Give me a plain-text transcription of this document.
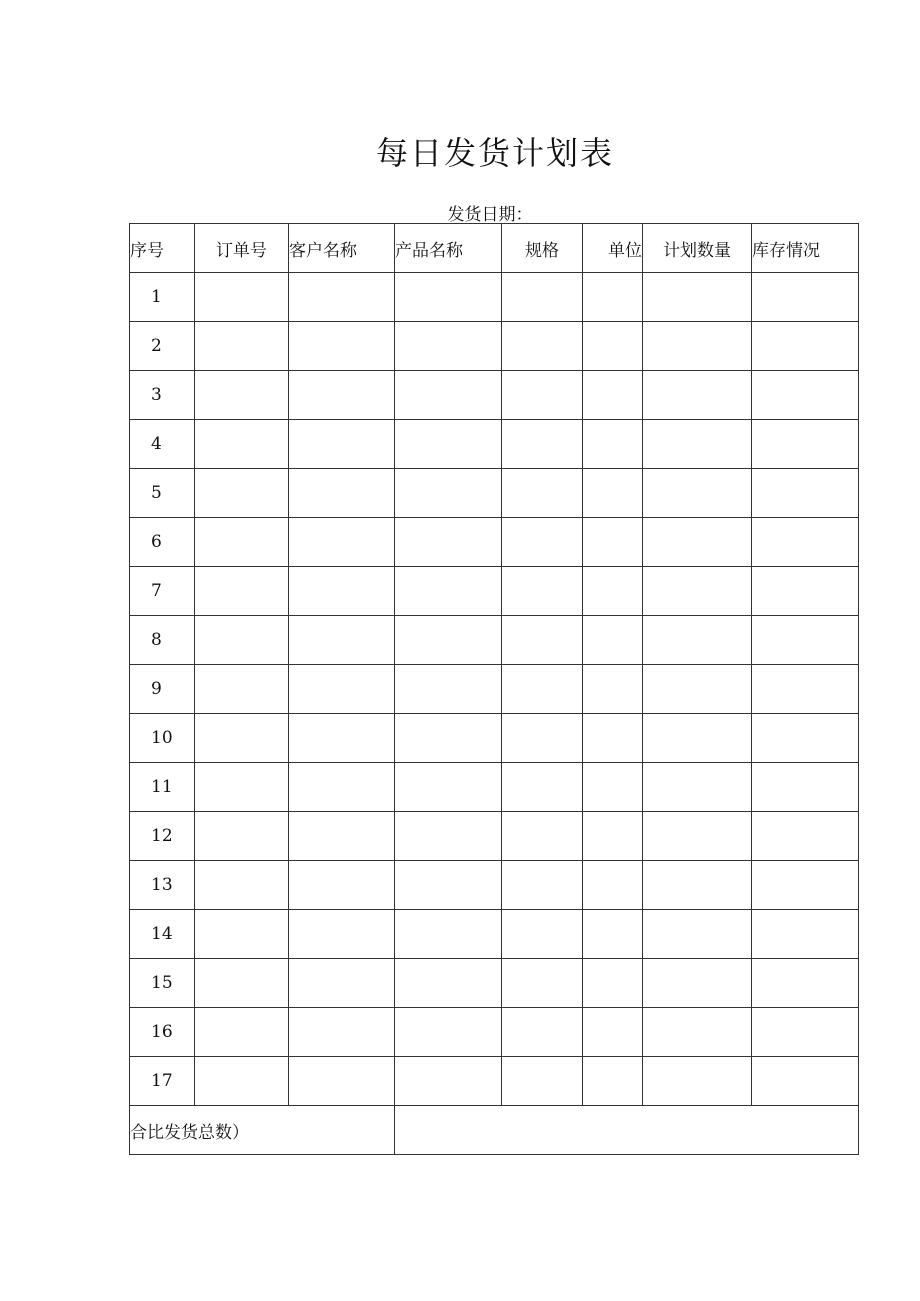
每日发货计划表
发货日期：
序号	订单号	客户名称	产品名称	规格	单位	计划数量	库存情况
1							
2							
3							
4							
5							
6							
7							
8							
9							
10							
11							
12							
13							
14							
15							
16							
17							
合比发货总数）							
